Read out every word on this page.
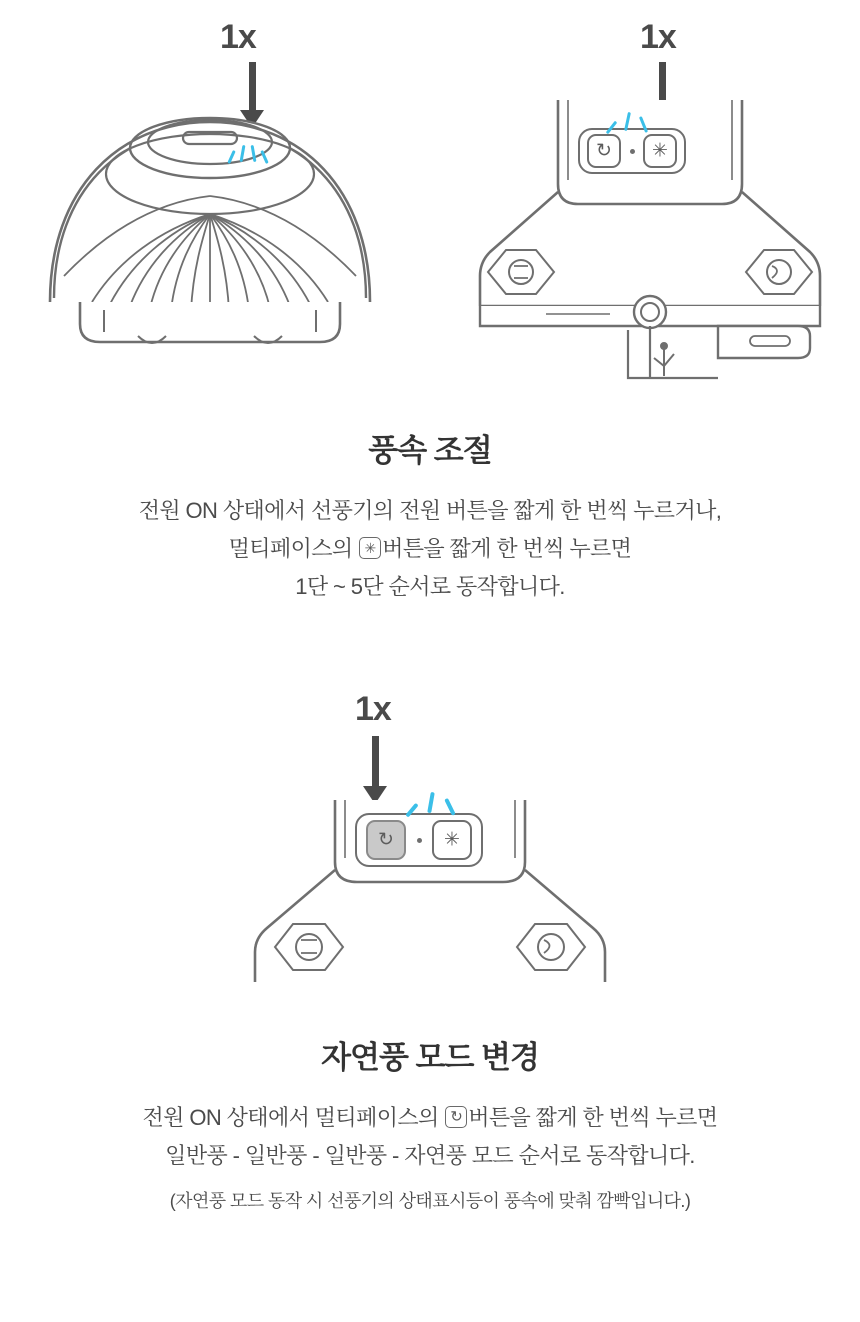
1x	1x
↻	✳
풍속 조절
전원 ON 상태에서 선풍기의 전원 버튼을 짧게 한 번씩 누르거나,
멀티페이스의 ✳버튼을 짧게 한 번씩 누르면
1단 ~ 5단 순서로 동작합니다.
1x
↻	✳
자연풍 모드 변경
전원 ON 상태에서 멀티페이스의 ↻버튼을 짧게 한 번씩 누르면
일반풍 - 일반풍 - 일반풍 - 자연풍 모드 순서로 동작합니다.
(자연풍 모드 동작 시 선풍기의 상태표시등이 풍속에 맞춰 깜빡입니다.)
